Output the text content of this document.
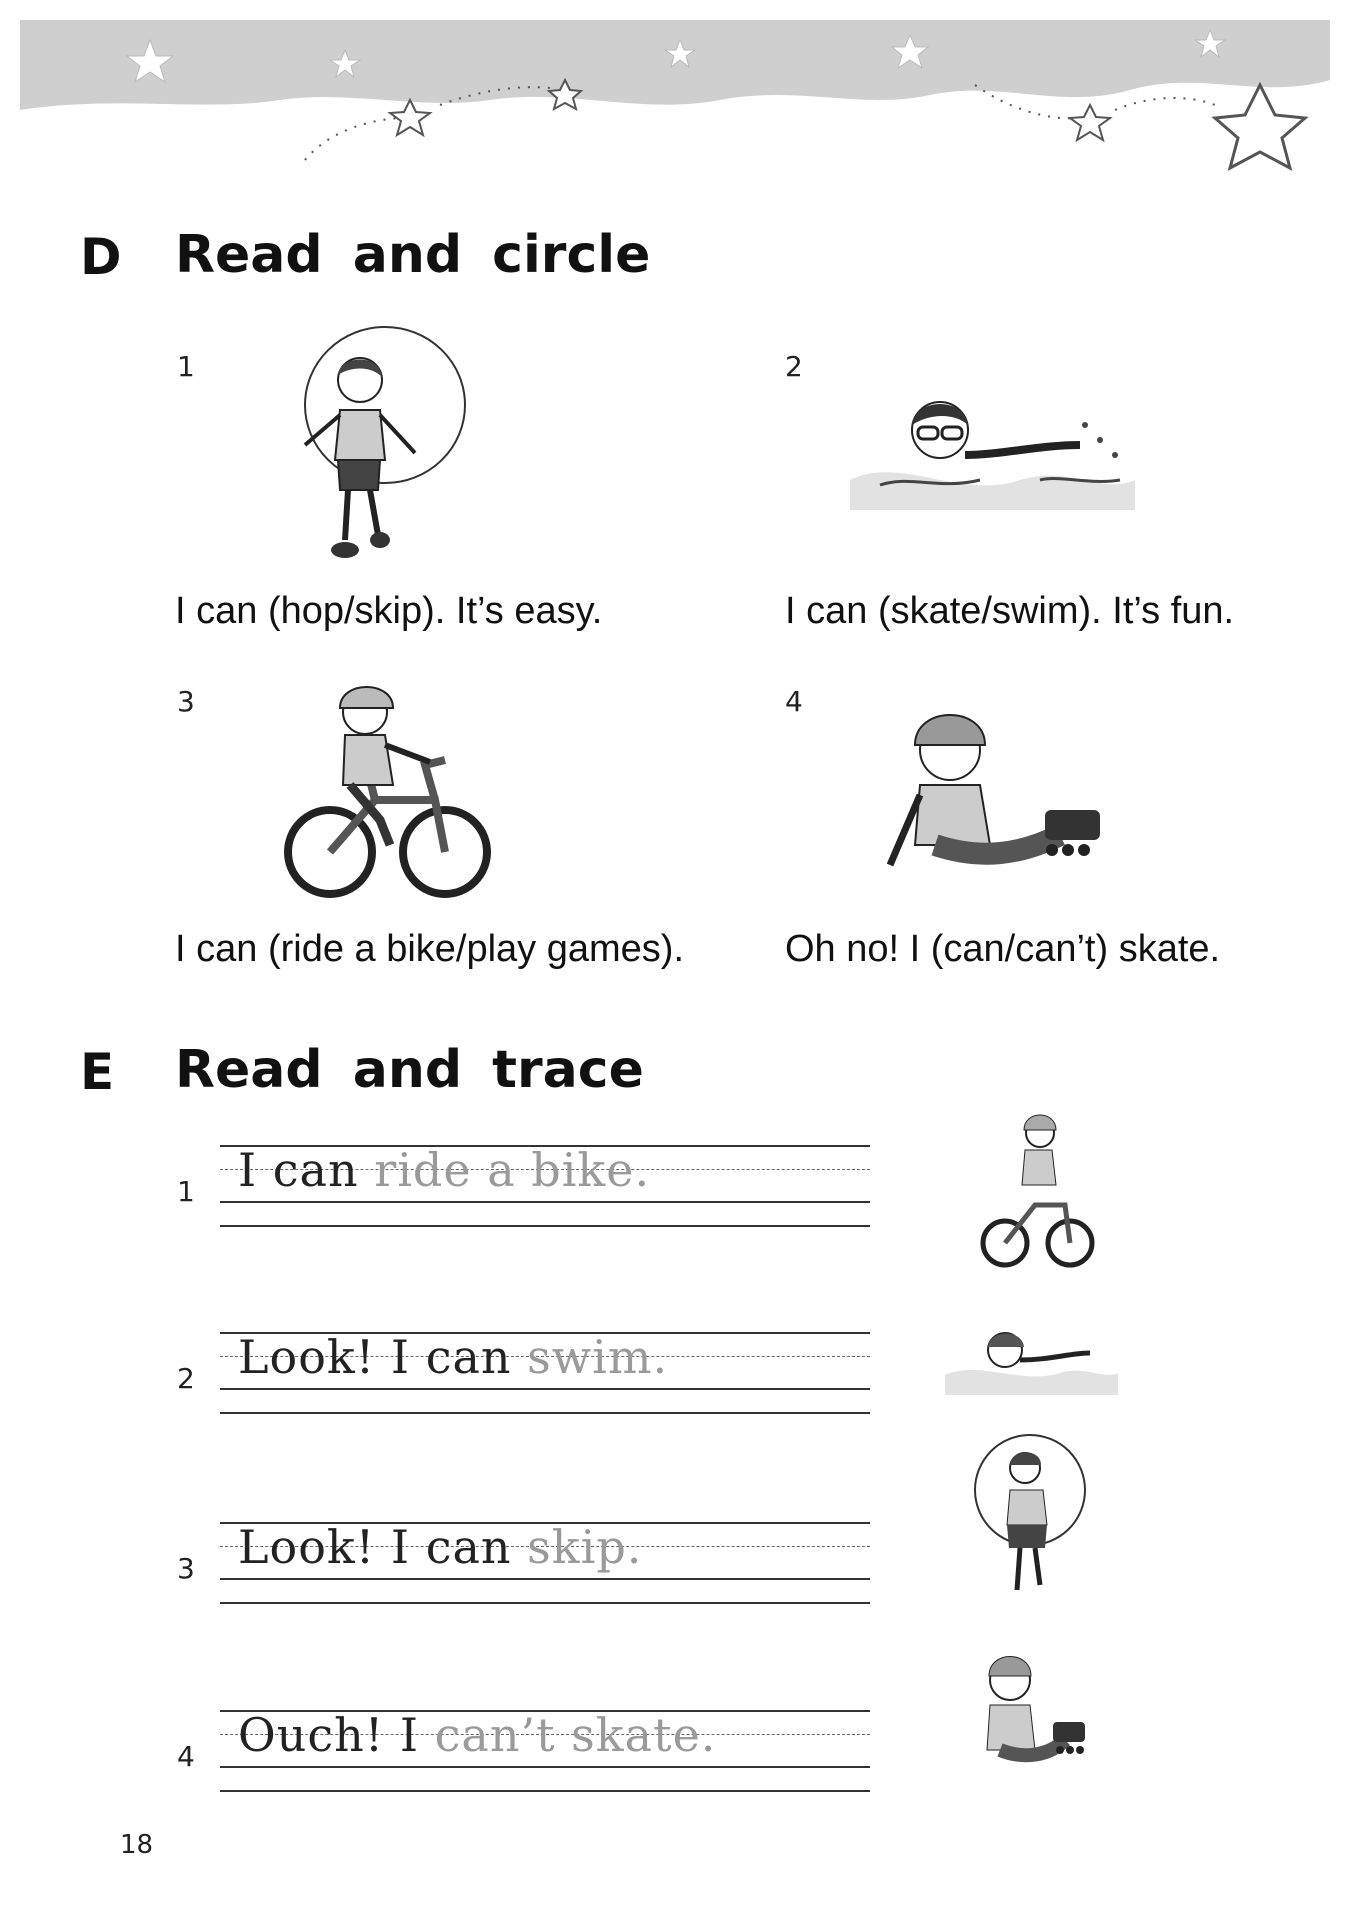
D Read and circle
1
I can (hop/skip). It’s easy.
2
I can (skate/swim). It’s fun.
3
I can (ride a bike/play games).
4
Oh no! I (can/can’t) skate.
E Read and trace
1 I can ride a bike.
2 Look! I can swim.
3 Look! I can skip.
4 Ouch! I can’t skate.
18
